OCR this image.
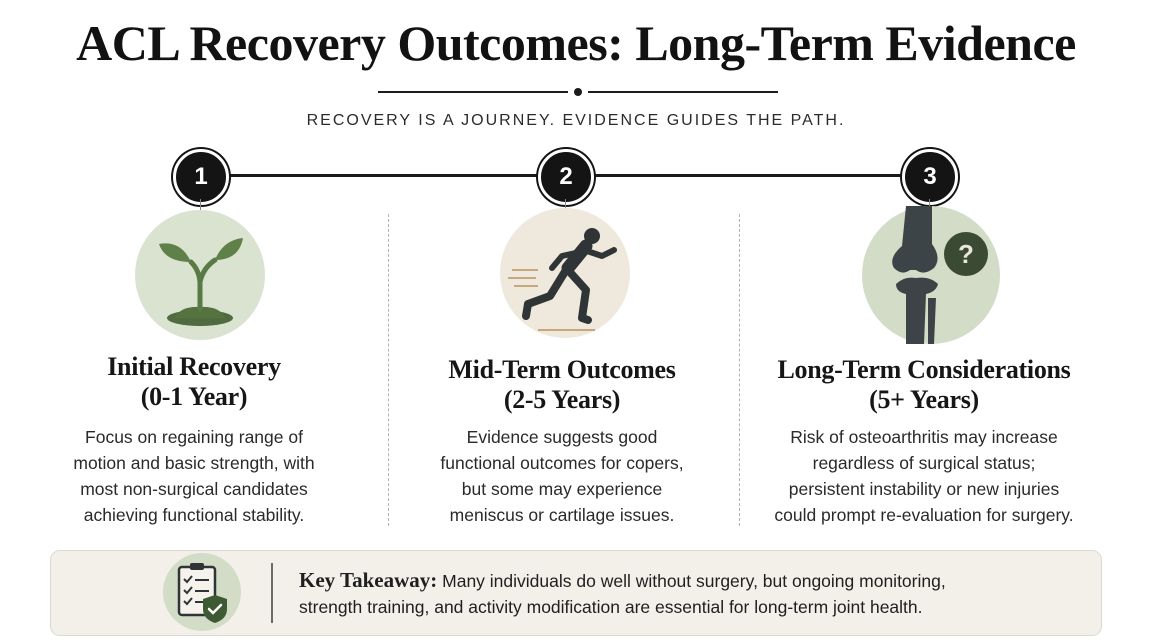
ACL Recovery Outcomes: Long-Term Evidence
RECOVERY IS A JOURNEY. EVIDENCE GUIDES THE PATH.
1	2	3
Initial Recovery
(0-1 Year)
Focus on regaining range of
motion and basic strength, with
most non-surgical candidates
achieving functional stability.
Mid-Term Outcomes
(2-5 Years)
Evidence suggests good
functional outcomes for copers,
but some may experience
meniscus or cartilage issues.
?
Long-Term Considerations
(5+ Years)
Risk of osteoarthritis may increase
regardless of surgical status;
persistent instability or new injuries
could prompt re-evaluation for surgery.
Key Takeaway: Many individuals do well without surgery, but ongoing monitoring,
strength training, and activity modification are essential for long-term joint health.
